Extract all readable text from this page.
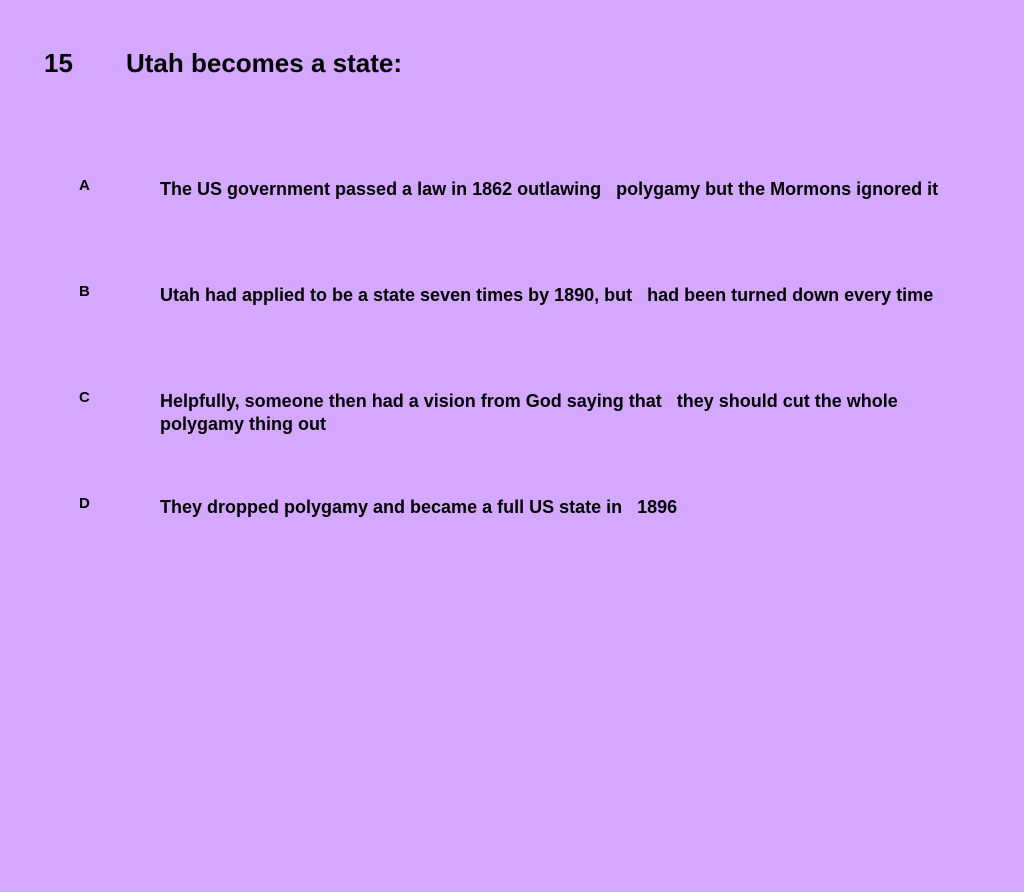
15 Utah becomes a state:
A	The US government passed a law in 1862 outlawing   polygamy but the Mormons ignored it
B	Utah had applied to be a state seven times by 1890, but   had been turned down every time
C	Helpfully, someone then had a vision from God saying that   they should cut the whole polygamy thing out
D	They dropped polygamy and became a full US state in   1896
